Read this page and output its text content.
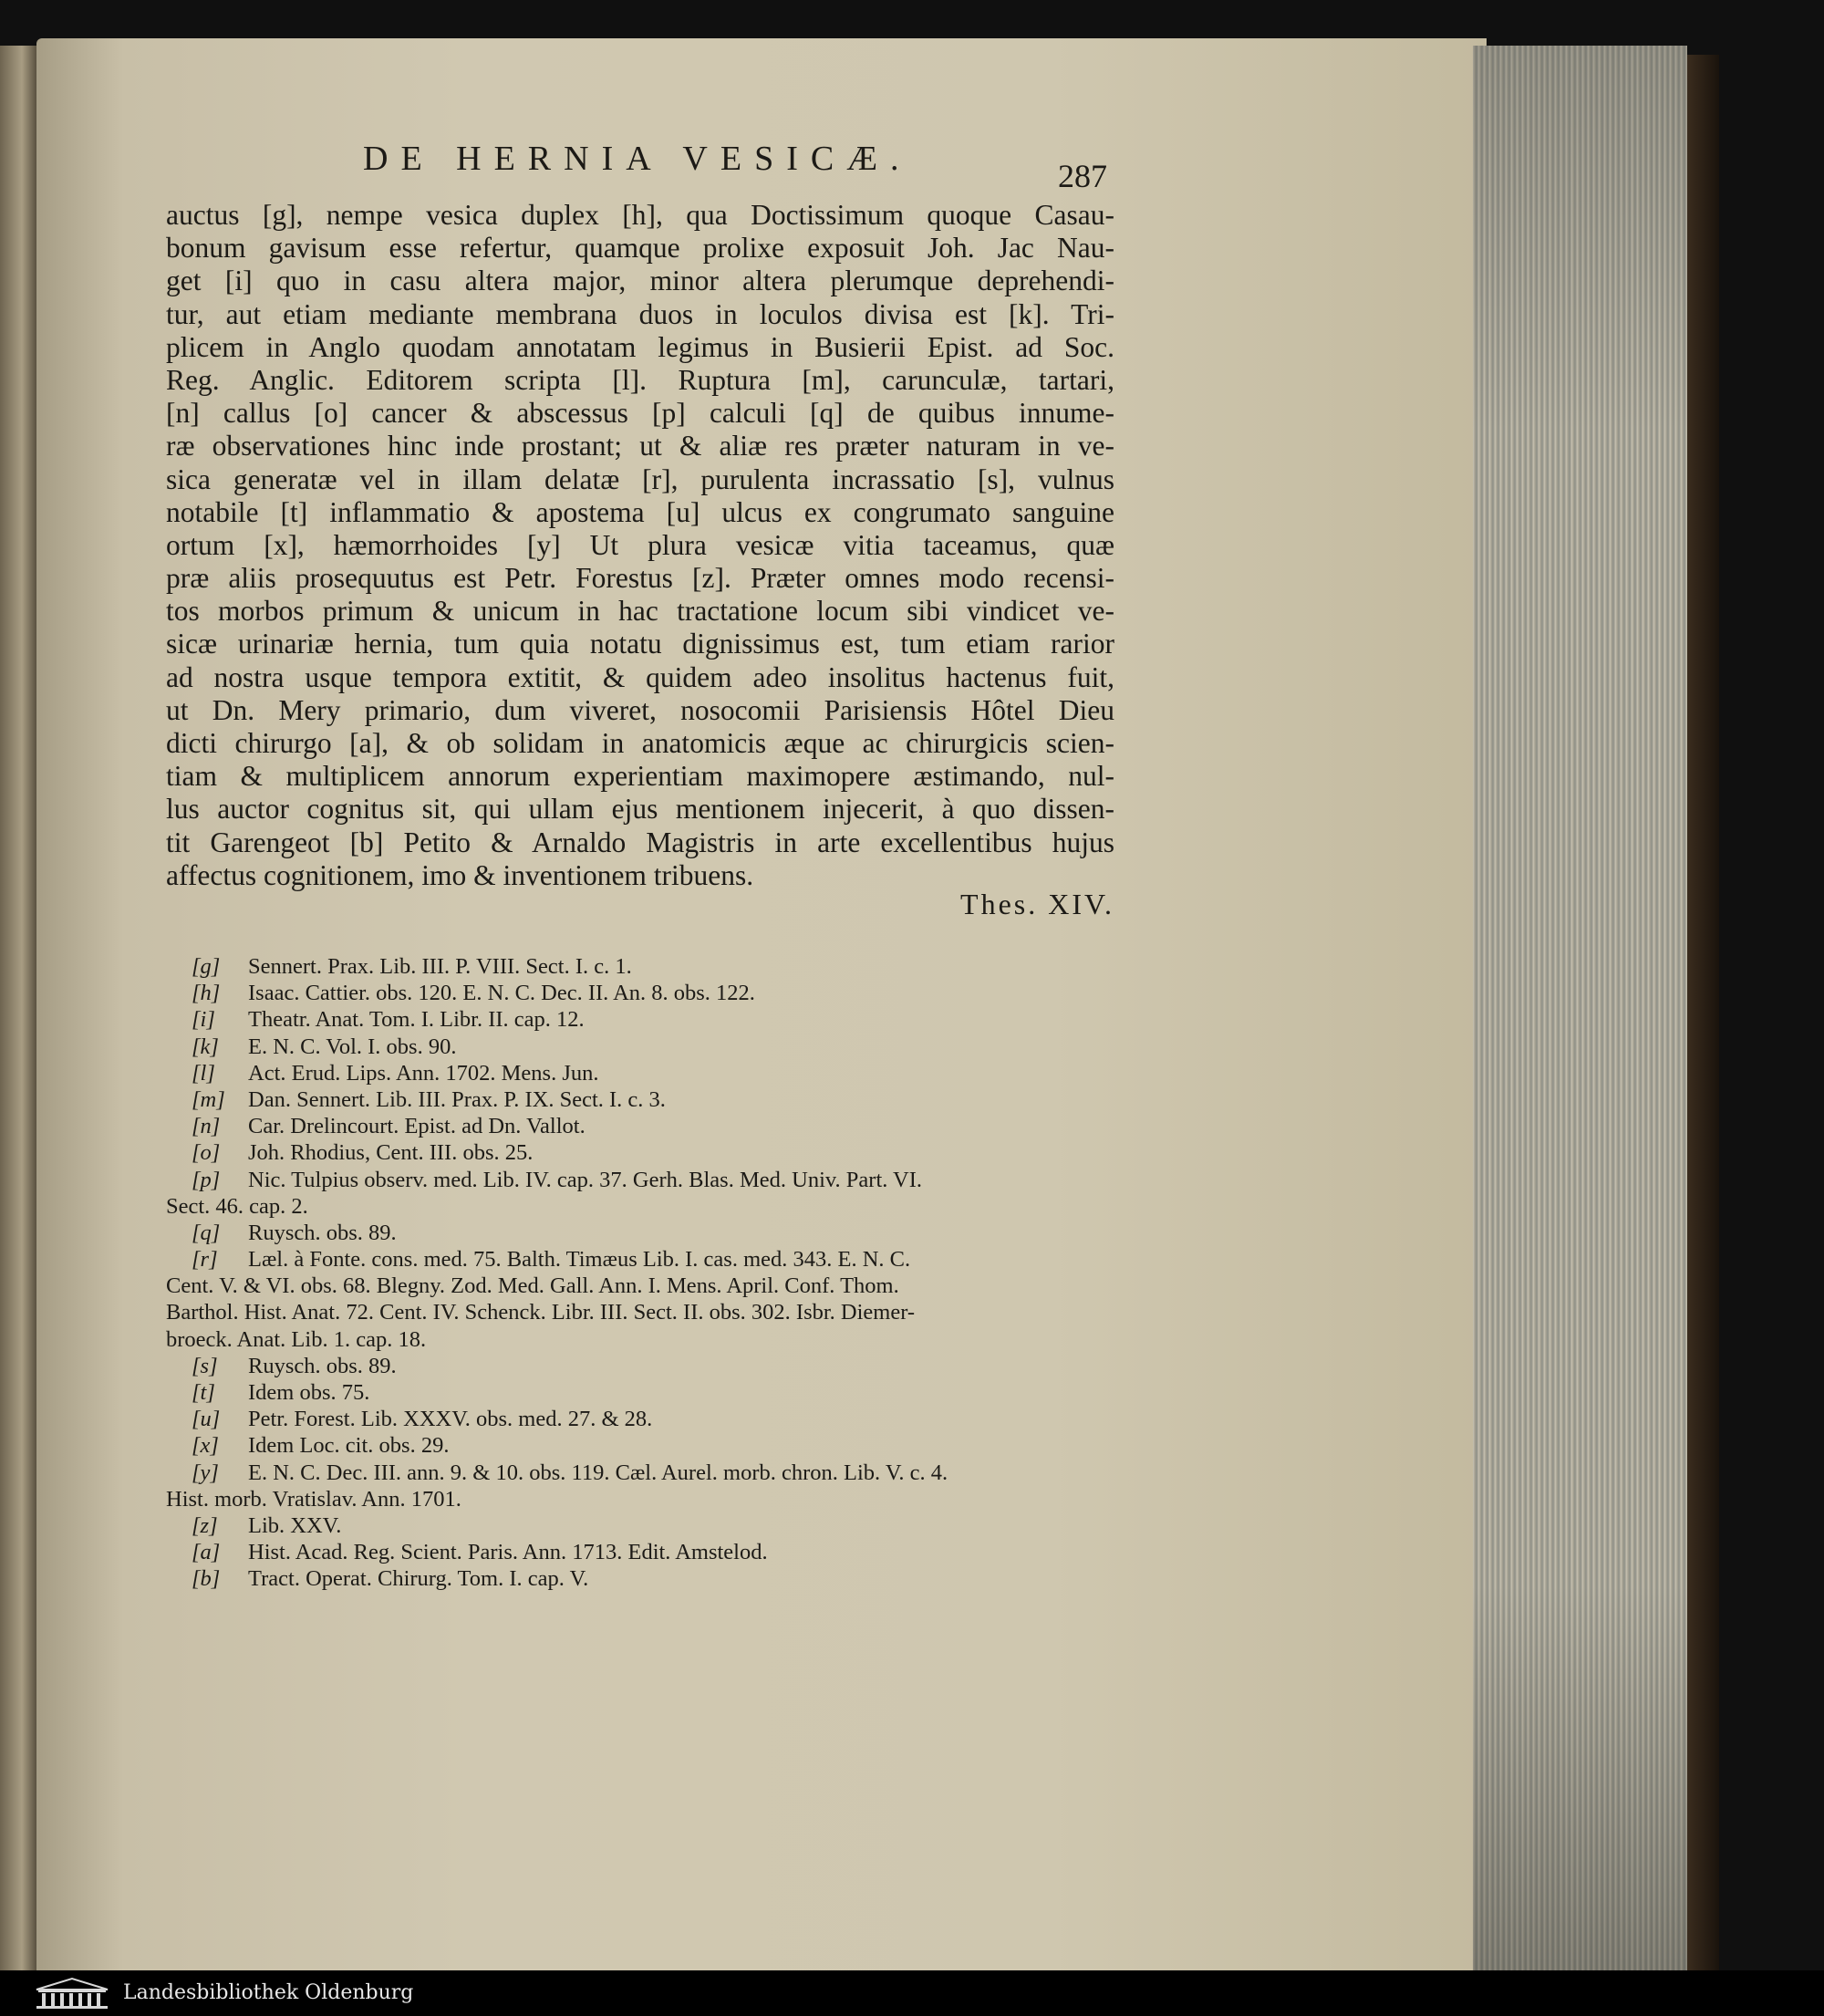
DE HERNIA VESICÆ.	287
auctus [g], nempe vesica duplex [h], qua Doctissimum quoque Casau-
bonum gavisum esse refertur, quamque prolixe exposuit Joh. Jac Nau-
get [i] quo in casu altera major, minor altera plerumque deprehendi-
tur, aut etiam mediante membrana duos in loculos divisa est [k]. Tri-
plicem in Anglo quodam annotatam legimus in Busierii Epist. ad Soc.
Reg. Anglic. Editorem scripta [l]. Ruptura [m], carunculæ, tartari,
[n] callus [o] cancer & abscessus [p] calculi [q] de quibus innume-
ræ observationes hinc inde prostant; ut & aliæ res præter naturam in ve-
sica generatæ vel in illam delatæ [r], purulenta incrassatio [s], vulnus
notabile [t] inflammatio & apostema [u] ulcus ex congrumato sanguine
ortum [x], hæmorrhoides [y] Ut plura vesicæ vitia taceamus, quæ
præ aliis prosequutus est Petr. Forestus [z]. Præter omnes modo recensi-
tos morbos primum & unicum in hac tractatione locum sibi vindicet ve-
sicæ urinariæ hernia, tum quia notatu dignissimus est, tum etiam rarior
ad nostra usque tempora extitit, & quidem adeo insolitus hactenus fuit,
ut Dn. Mery primario, dum viveret, nosocomii Parisiensis Hôtel Dieu
dicti chirurgo [a], & ob solidam in anatomicis æque ac chirurgicis scien-
tiam & multiplicem annorum experientiam maximopere æstimando, nul-
lus auctor cognitus sit, qui ullam ejus mentionem injecerit, à quo dissen-
tit Garengeot [b] Petito & Arnaldo Magistris in arte excellentibus hujus
affectus cognitionem, imo & inventionem tribuens.
Thes. XIV.
[g] Sennert. Prax. Lib. III. P. VIII. Sect. I. c. 1.
[h] Isaac. Cattier. obs. 120. E. N. C. Dec. II. An. 8. obs. 122.
[i] Theatr. Anat. Tom. I. Libr. II. cap. 12.
[k] E. N. C. Vol. I. obs. 90.
[l] Act. Erud. Lips. Ann. 1702. Mens. Jun.
[m] Dan. Sennert. Lib. III. Prax. P. IX. Sect. I. c. 3.
[n] Car. Drelincourt. Epist. ad Dn. Vallot.
[o] Joh. Rhodius, Cent. III. obs. 25.
[p] Nic. Tulpius observ. med. Lib. IV. cap. 37. Gerh. Blas. Med. Univ. Part. VI.
Sect. 46. cap. 2.
[q] Ruysch. obs. 89.
[r] Læl. à Fonte. cons. med. 75. Balth. Timæus Lib. I. cas. med. 343. E. N. C.
Cent. V. & VI. obs. 68. Blegny. Zod. Med. Gall. Ann. I. Mens. April. Conf. Thom.
Barthol. Hist. Anat. 72. Cent. IV. Schenck. Libr. III. Sect. II. obs. 302. Isbr. Diemer-
broeck. Anat. Lib. 1. cap. 18.
[s] Ruysch. obs. 89.
[t] Idem obs. 75.
[u] Petr. Forest. Lib. XXXV. obs. med. 27. & 28.
[x] Idem Loc. cit. obs. 29.
[y] E. N. C. Dec. III. ann. 9. & 10. obs. 119. Cæl. Aurel. morb. chron. Lib. V. c. 4.
Hist. morb. Vratislav. Ann. 1701.
[z] Lib. XXV.
[a] Hist. Acad. Reg. Scient. Paris. Ann. 1713. Edit. Amstelod.
[b] Tract. Operat. Chirurg. Tom. I. cap. V.
Landesbibliothek Oldenburg
